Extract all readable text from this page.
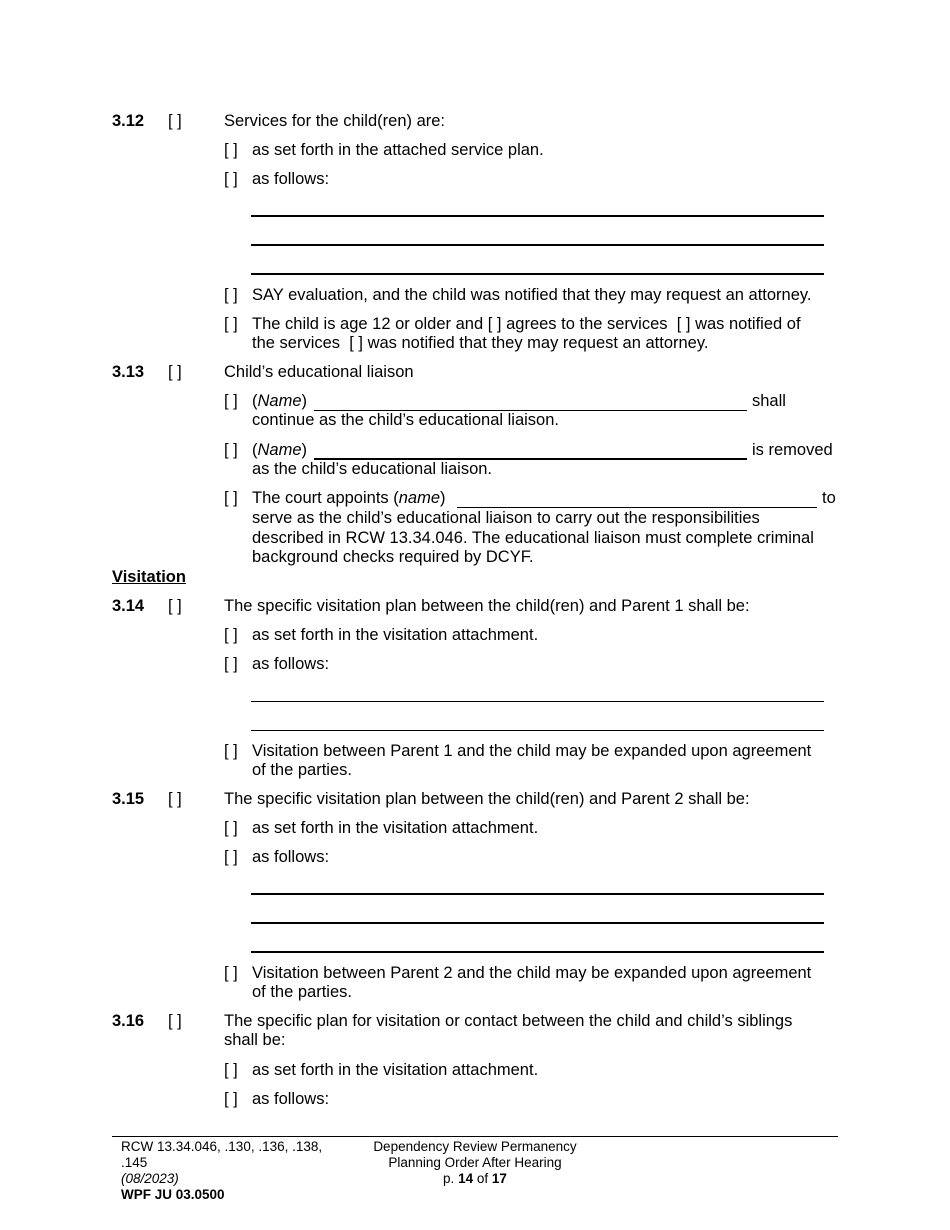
3.12 [ ]	Services for the child(ren) are:
[ ] as set forth in the attached service plan.
[ ] as follows:
[ ] SAY evaluation, and the child was notified that they may request an attorney.
[ ] The child is age 12 or older and [ ] agrees to the services [ ] was notified of
the services [ ] was notified that they may request an attorney.
3.13 [ ]	Child’s educational liaison
[ ] (Name)	shall
continue as the child’s educational liaison.
[ ] (Name)	is removed
as the child’s educational liaison.
[ ] The court appoints (name)	to
serve as the child’s educational liaison to carry out the responsibilities
described in RCW 13.34.046. The educational liaison must complete criminal
background checks required by DCYF.
Visitation
3.14 [ ]	The specific visitation plan between the child(ren) and Parent 1 shall be:
[ ] as set forth in the visitation attachment.
[ ] as follows:
[ ] Visitation between Parent 1 and the child may be expanded upon agreement
of the parties.
3.15 [ ]	The specific visitation plan between the child(ren) and Parent 2 shall be:
[ ] as set forth in the visitation attachment.
[ ] as follows:
[ ] Visitation between Parent 2 and the child may be expanded upon agreement
of the parties.
3.16 [ ]	The specific plan for visitation or contact between the child and child’s siblings
shall be:
[ ] as set forth in the visitation attachment.
[ ] as follows:
RCW 13.34.046, .130, .136, .138,
.145
(08/2023)
WPF JU 03.0500
Dependency Review Permanency
Planning Order After Hearing
p. 14 of 17
